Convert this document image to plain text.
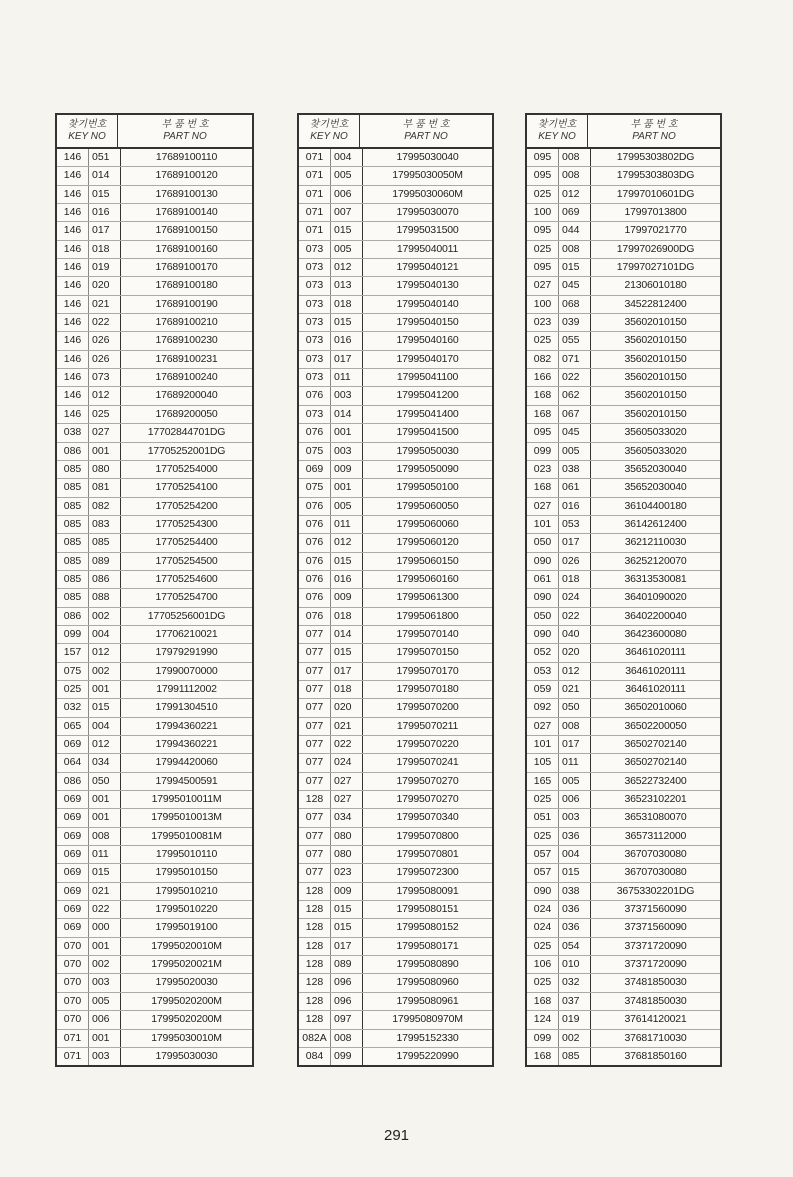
찾기번호
KEY NO
부 품 번 호
PART NO
146	051	17689100110
146	014	17689100120
146	015	17689100130
146	016	17689100140
146	017	17689100150
146	018	17689100160
146	019	17689100170
146	020	17689100180
146	021	17689100190
146	022	17689100210
146	026	17689100230
146	026	17689100231
146	073	17689100240
146	012	17689200040
146	025	17689200050
038	027	17702844701DG
086	001	17705252001DG
085	080	17705254000
085	081	17705254100
085	082	17705254200
085	083	17705254300
085	085	17705254400
085	089	17705254500
085	086	17705254600
085	088	17705254700
086	002	17705256001DG
099	004	17706210021
157	012	17979291990
075	002	17990070000
025	001	17991112002
032	015	17991304510
065	004	17994360221
069	012	17994360221
064	034	17994420060
086	050	17994500591
069	001	17995010011M
069	001	17995010013M
069	008	17995010081M
069	011	17995010110
069	015	17995010150
069	021	17995010210
069	022	17995010220
069	000	17995019100
070	001	17995020010M
070	002	17995020021M
070	003	17995020030
070	005	17995020200M
070	006	17995020200M
071	001	17995030010M
071	003	17995030030
찾기번호
KEY NO
부 품 번 호
PART NO
071	004	17995030040
071	005	17995030050M
071	006	17995030060M
071	007	17995030070
071	015	17995031500
073	005	17995040011
073	012	17995040121
073	013	17995040130
073	018	17995040140
073	015	17995040150
073	016	17995040160
073	017	17995040170
073	011	17995041100
076	003	17995041200
073	014	17995041400
076	001	17995041500
075	003	17995050030
069	009	17995050090
075	001	17995050100
076	005	17995060050
076	011	17995060060
076	012	17995060120
076	015	17995060150
076	016	17995060160
076	009	17995061300
076	018	17995061800
077	014	17995070140
077	015	17995070150
077	017	17995070170
077	018	17995070180
077	020	17995070200
077	021	17995070211
077	022	17995070220
077	024	17995070241
077	027	17995070270
128	027	17995070270
077	034	17995070340
077	080	17995070800
077	080	17995070801
077	023	17995072300
128	009	17995080091
128	015	17995080151
128	015	17995080152
128	017	17995080171
128	089	17995080890
128	096	17995080960
128	096	17995080961
128	097	17995080970M
082A 008	17995152330
084	099	17995220990
찾기번호
KEY NO
부 품 번 호
PART NO
095	008	17995303802DG
095	008	17995303803DG
025	012	17997010601DG
100	069	17997013800
095	044	17997021770
025	008	17997026900DG
095	015	17997027101DG
027	045	21306010180
100	068	34522812400
023	039	35602010150
025	055	35602010150
082	071	35602010150
166	022	35602010150
168	062	35602010150
168	067	35602010150
095	045	35605033020
099	005	35605033020
023	038	35652030040
168	061	35652030040
027	016	36104400180
101	053	36142612400
050	017	36212110030
090	026	36252120070
061	018	36313530081
090	024	36401090020
050	022	36402200040
090	040	36423600080
052	020	36461020111
053	012	36461020111
059	021	36461020111
092	050	36502010060
027	008	36502200050
101	017	36502702140
105	011	36502702140
165	005	36522732400
025	006	36523102201
051	003	36531080070
025	036	36573112000
057	004	36707030080
057	015	36707030080
090	038	36753302201DG
024	036	37371560090
024	036	37371560090
025	054	37371720090
106	010	37371720090
025	032	37481850030
168	037	37481850030
124	019	37614120021
099	002	37681710030
168	085	37681850160
291
